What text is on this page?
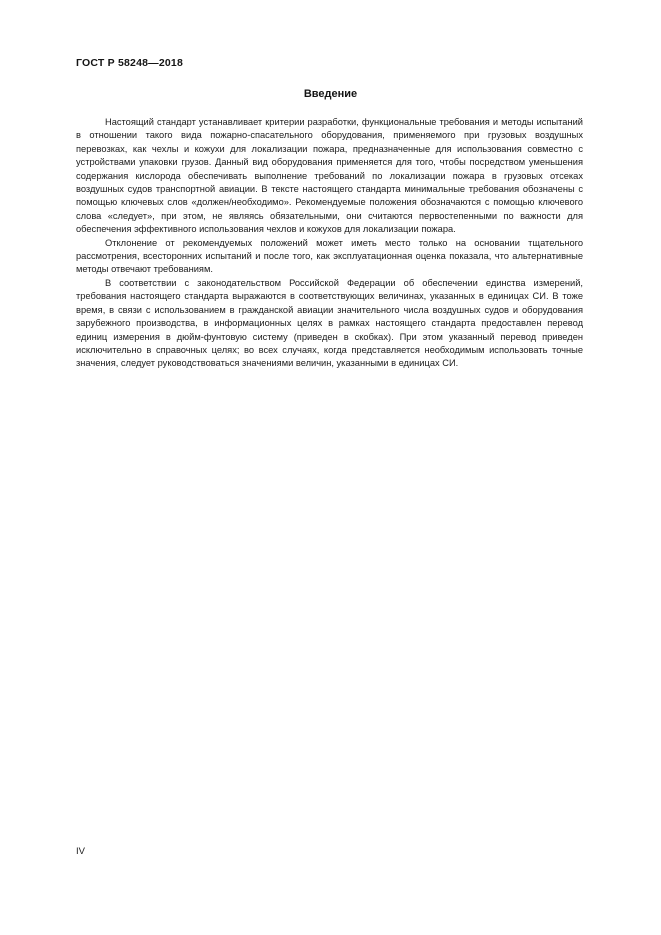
ГОСТ Р 58248—2018
Введение

Настоящий стандарт устанавливает критерии разработки, функциональные требования и методы испытаний в отношении такого вида пожарно-спасательного оборудования, применяемого при грузовых воздушных перевозках, как чехлы и кожухи для локализации пожара, предназначенные для использования совместно с устройствами упаковки грузов. Данный вид оборудования применяется для того, чтобы посредством уменьшения содержания кислорода обеспечивать выполнение требований по локализации пожара в грузовых отсеках воздушных судов транспортной авиации. В тексте настоящего стандарта минимальные требования обозначены с помощью ключевых слов «должен/необходимо». Рекомендуемые положения обозначаются с помощью ключевого слова «следует», при этом, не являясь обязательными, они считаются первостепенными по важности для обеспечения эффективного использования чехлов и кожухов для локализации пожара.

Отклонение от рекомендуемых положений может иметь место только на основании тщательного рассмотрения, всесторонних испытаний и после того, как эксплуатационная оценка показала, что альтернативные методы отвечают требованиям.

В соответствии с законодательством Российской Федерации об обеспечении единства измерений, требования настоящего стандарта выражаются в соответствующих величинах, указанных в единицах СИ. В тоже время, в связи с использованием в гражданской авиации значительного числа воздушных судов и оборудования зарубежного производства, в информационных целях в рамках настоящего стандарта предоставлен перевод единиц измерения в дюйм-фунтовую систему (приведен в скобках). При этом указанный перевод приведен исключительно в справочных целях; во всех случаях, когда представляется необходимым использовать точные значения, следует руководствоваться значениями величин, указанными в единицах СИ.

IV
